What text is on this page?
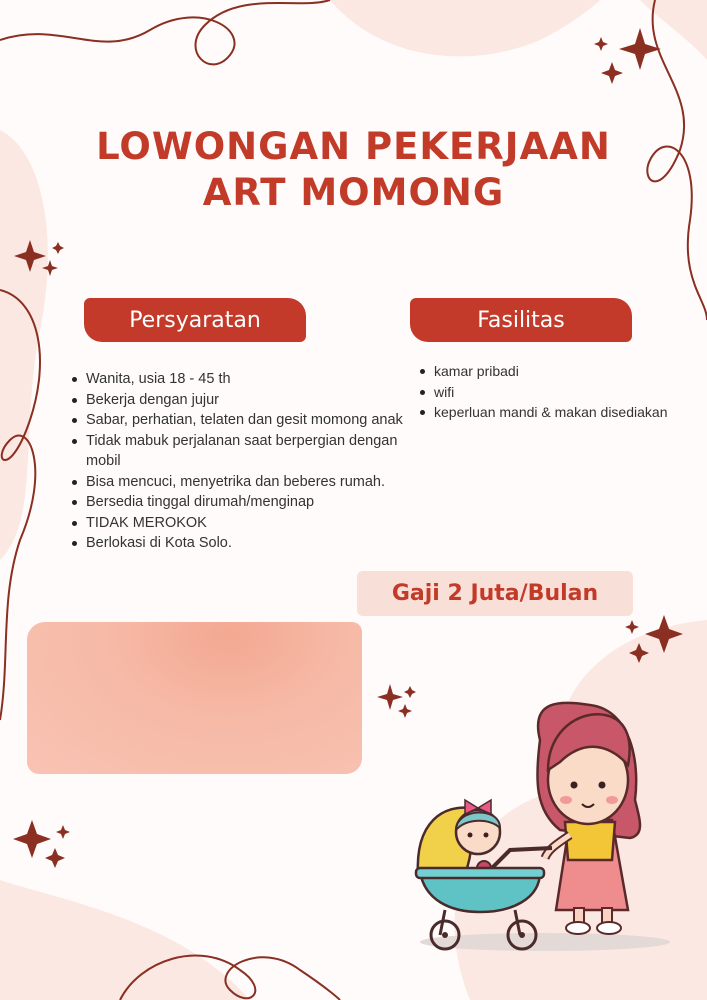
LOWONGAN PEKERJAAN
ART MOMONG
Persyaratan	Fasilitas
Wanita, usia 18 - 45 th
Bekerja dengan jujur
Sabar, perhatian, telaten dan gesit momong anak
Tidak mabuk perjalanan saat berpergian dengan mobil
Bisa mencuci, menyetrika dan beberes rumah.
Bersedia tinggal dirumah/menginap
TIDAK MEROKOK
Berlokasi di Kota Solo.
kamar pribadi
wifi
keperluan mandi & makan disediakan
Gaji 2 Juta/Bulan
